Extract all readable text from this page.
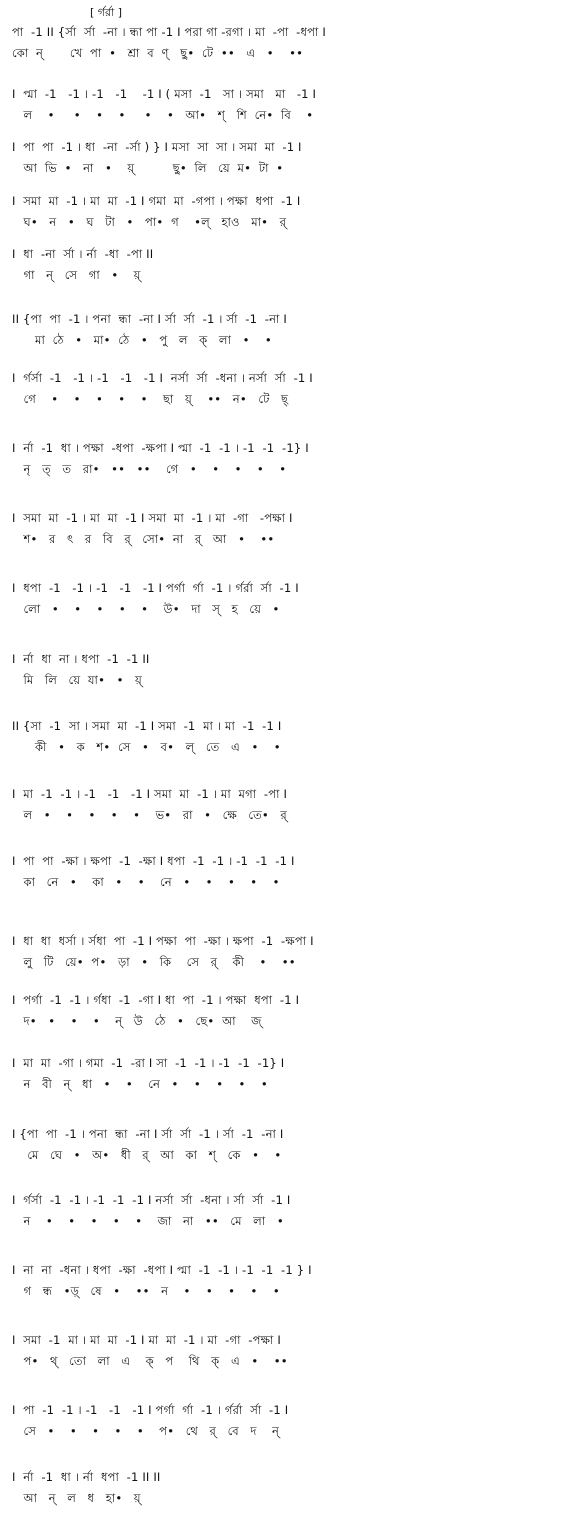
[ র্গর্রা ]
পা  -1 II {র্সা  র্সা  -না । ন্ধা পা -1 I পরা গা -রগা । মা  -পা  -ধপা I
কো  ন্       খে  পা  •   শ্রা  ব  ণ্   ছু•  টে  ••   এ   •    ••
I  প্মা  -1   -1 । -1   -1    -1 I ( মসা  -1   সা । সমা   মা   -1 I
ল    •     •    •    •     •    •   আ•   শ্   শি  নে•  বি    •
I  পা  পা  -1 । ধা  -না  -র্সা ) } I মসা  সা  সা । সমা  মা  -1 I
আ  ভি  •   না   •    য়্          ছু•  লি   য়ে  ম•  টা  •
I  সমা  মা  -1 । মা  মা  -1 I গমা  মা  -গপা । পক্ষা  ধপা  -1 I
ঘ•   ন   •   ঘ   টা   •   পা•  গ    •ল্   হাও   মা•   র্
I  ধা  -না  র্সা । র্না  -ধা  -পা II
গা   ন্   সে   গা   •    য়্
II {পা  পা  -1 । পনা  ন্ধা  -না I র্সা  র্সা  -1 । র্সা  -1  -না I
মা  ঠে   •   মা•  ঠে   •   পু   ল   ক্   লা   •    •
I  র্গর্সা  -1   -1 । -1   -1   -1 I  নর্সা  র্সা  -ধনা । নর্সা  র্সা  -1 I
গে    •    •    •    •    •    ছা   য়্    ••   ন•   টে   ছ্
I  র্না  -1  ধা । পক্ষা  -ধপা  -ক্ষপা I প্মা  -1  -1 । -1  -1  -1} I
নৃ   ত্   ত   রা•   ••   ••    গে   •    •    •    •    •
I  সমা  মা  -1 । মা  মা  -1 I সমা  মা  -1 । মা  -গা   -পক্ষা I
শ•   র   ৎ   র   বি   র্   সো•  না   র্   আ   •    ••
I  ধপা  -1   -1 । -1   -1   -1 I পর্গা  র্গা  -1 । র্গর্রা  র্সা  -1 I
লো   •    •    •    •    •    উ•   দা   স্   হ   য়ে   •
I  র্না  ধা  না । ধপা  -1  -1 II
মি   লি   য়ে  যা•   •   য়্
II {সা  -1  সা । সমা  মা  -1 I সমা  -1  মা । মা  -1  -1 I
কী   •   ক   শ•  সে   •   ব•   ল্   তে   এ   •    •
I  মা  -1  -1 । -1   -1   -1 I সমা  মা  -1 । মা  মগা  -পা I
ল   •    •    •    •    •    ভ•   রা   •   ক্ষে   তে•   র্
I  পা  পা  -ক্ষা । ক্ষপা  -1  -ক্ষা I ধপা  -1  -1 । -1  -1  -1 I
কা   নে   •    কা   •    •    নে   •    •    •    •    •
I  ধা  ধা  ধর্সা । র্সধা  পা  -1 I পক্ষা  পা  -ক্ষা । ক্ষপা  -1  -ক্ষপা I
লু   টি   য়ে•  প•   ড়া   •   কি    সে   র্    কী    •    ••
I  পর্গা  -1  -1 । র্গধা  -1  -গা I ধা  পা  -1 । পক্ষা  ধপা  -1 I
দ•   •    •    •    ন্   উ   ঠে   •   ছে•  আ    জ্
I  মা  মা  -গা । গমা  -1  -রা I সা  -1  -1 । -1  -1  -1} I
ন   বী   ন্   ধা   •    •    নে   •    •    •    •    •
I {পা  পা  -1 । পনা  ন্ধা  -না I র্সা  র্সা  -1 । র্সা  -1  -না I
মে   ঘে   •   অ•   ধী   র্   আ   কা   শ্   কে   •    •
I  র্গর্সা  -1  -1 । -1  -1  -1 I নর্সা  র্সা  -ধনা । র্সা  র্সা  -1 I
ন    •    •    •    •    •    জা   না   ••   মে   লা   •
I  না  না  -ধনা । ধপা  -ক্ষা  -ধপা I প্মা  -1  -1 । -1  -1  -1 } I
গ   ন্ধ   •ড়্   ষে   •    ••   ন    •    •    •    •    •
I  সমা  -1  মা । মা  মা  -1 I মা  মা  -1 । মা  -গা  -পক্ষা I
প•   থ্   তো   লা   এ    ক্   প    থি   ক্   এ   •    ••
I  পা  -1  -1 । -1   -1   -1 I পর্গা  র্গা  -1 । র্গর্রা  র্সা  -1 I
সে   •    •    •    •    •    প•   থে   র্   বে   দ    ন্
I  র্না  -1  ধা । র্না  ধপা  -1 II II
আ   ন্   ল   ধ   হা•   য়্
